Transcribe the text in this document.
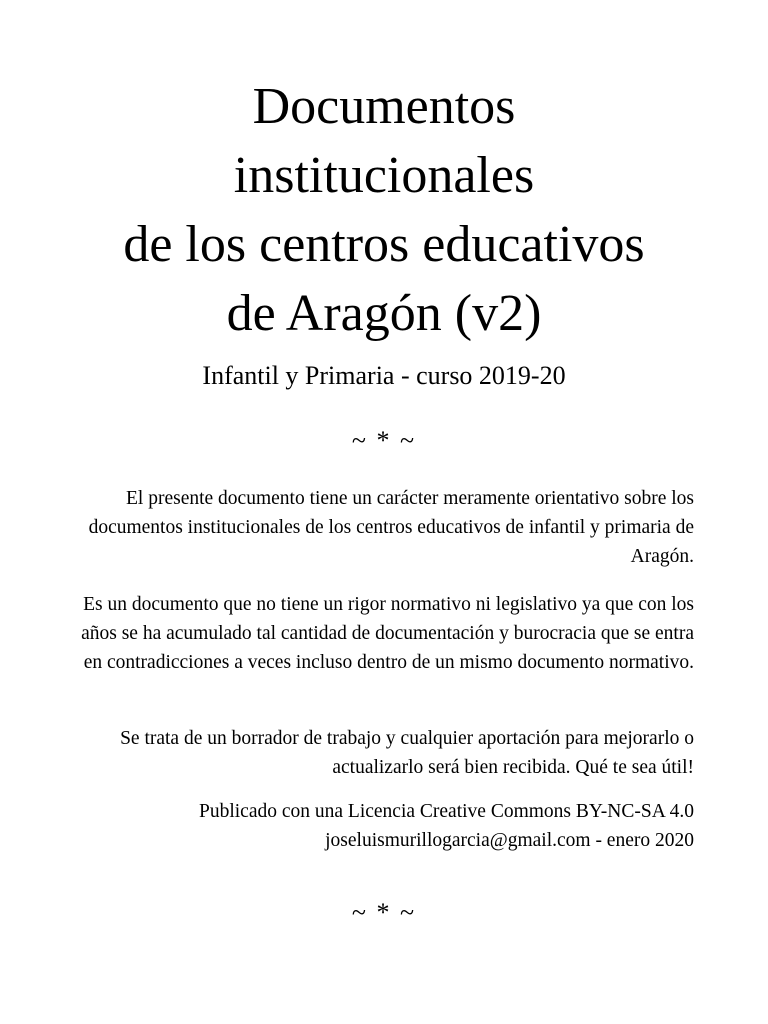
Documentos
institucionales
de los centros educativos
de Aragón (v2)

Infantil y Primaria - curso 2019-20

~ * ~

El presente documento tiene un carácter meramente orientativo sobre los documentos institucionales de los centros educativos de infantil y primaria de Aragón.

Es un documento que no tiene un rigor normativo ni legislativo ya que con los años se ha acumulado tal cantidad de documentación y burocracia que se entra en contradicciones a veces incluso dentro de un mismo documento normativo.

Se trata de un borrador de trabajo y cualquier aportación para mejorarlo o actualizarlo será bien recibida. Qué te sea útil!

Publicado con una Licencia Creative Commons BY-NC-SA 4.0
joseluismurillogarcia@gmail.com - enero 2020

~ * ~
